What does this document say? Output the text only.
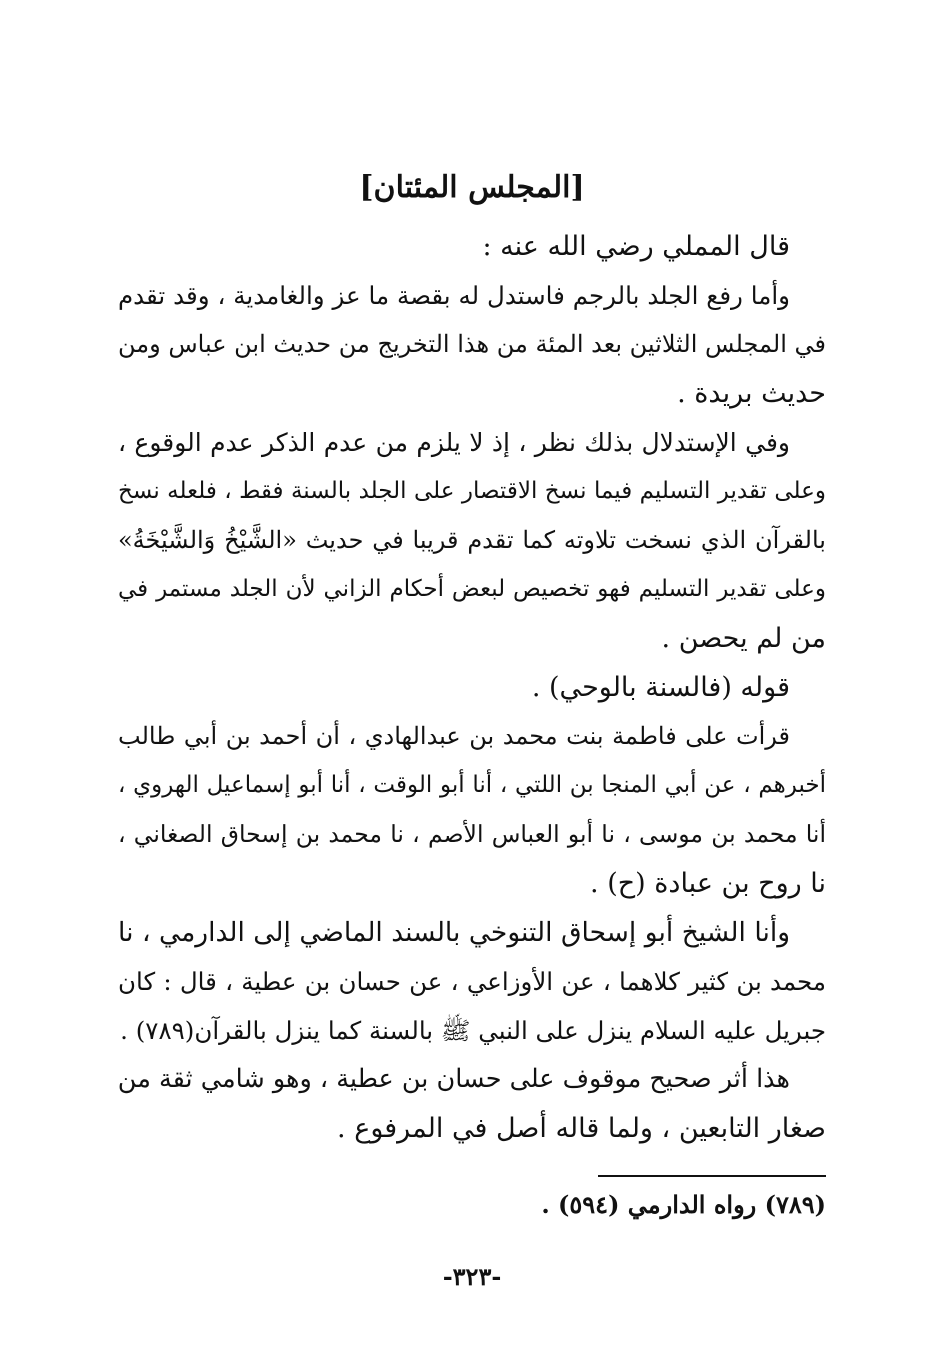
[المجلس المئتان]
قال المملي رضي الله عنه :
وأما رفع الجلد بالرجم فاستدل له بقصة ما عز والغامدية ، وقد تقدم
في المجلس الثلاثين بعد المئة من هذا التخريج من حديث ابن عباس ومن
حديث بريدة .
وفي الإستدلال بذلك نظر ، إذ لا يلزم من عدم الذكر عدم الوقوع ،
وعلى تقدير التسليم فيما نسخ الاقتصار على الجلد بالسنة فقط ، فلعله نسخ
بالقرآن الذي نسخت تلاوته كما تقدم قريبا في حديث «الشَّيْخُ وَالشَّيْخَةُ»
وعلى تقدير التسليم فهو تخصيص لبعض أحكام الزاني لأن الجلد مستمر في
من لم يحصن .
قوله (فالسنة بالوحي) .
قرأت على فاطمة بنت محمد بن عبدالهادي ، أن أحمد بن أبي طالب
أخبرهم ، عن أبي المنجا بن اللتي ، أنا أبو الوقت ، أنا أبو إسماعيل الهروي ،
أنا محمد بن موسى ، نا أبو العباس الأصم ، نا محمد بن إسحاق الصغاني ،
نا روح بن عبادة (ح) .
وأنا الشيخ أبو إسحاق التنوخي بالسند الماضي إلى الدارمي ، نا
محمد بن كثير كلاهما ، عن الأوزاعي ، عن حسان بن عطية ، قال : كان
جبريل عليه السلام ينزل على النبي ﷺ بالسنة كما ينزل بالقرآن(٧٨٩) .
هذا أثر صحيح موقوف على حسان بن عطية ، وهو شامي ثقة من
صغار التابعين ، ولما قاله أصل في المرفوع .
(٧٨٩) رواه الدارمي (٥٩٤) .
-٣٢٣-
